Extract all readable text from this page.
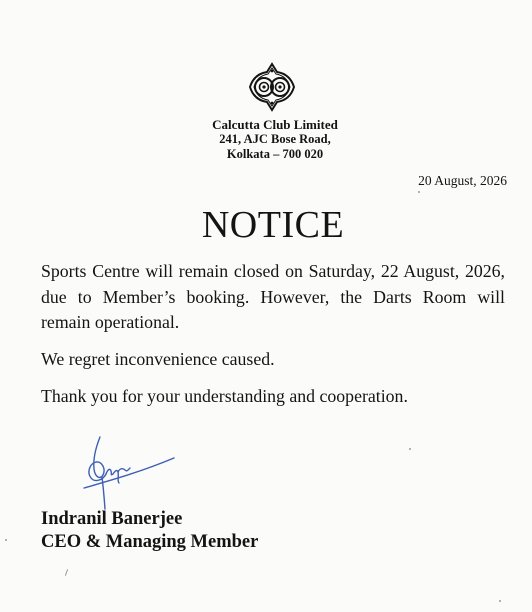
Calcutta Club Limited
241, AJC Bose Road,
Kolkata – 700 020
20 August, 2026
NOTICE
Sports Centre will remain closed on Saturday, 22 August, 2026, due to Member’s booking. However, the Darts Room will remain operational.
We regret inconvenience caused.
Thank you for your understanding and cooperation.
Indranil Banerjee
CEO & Managing Member
